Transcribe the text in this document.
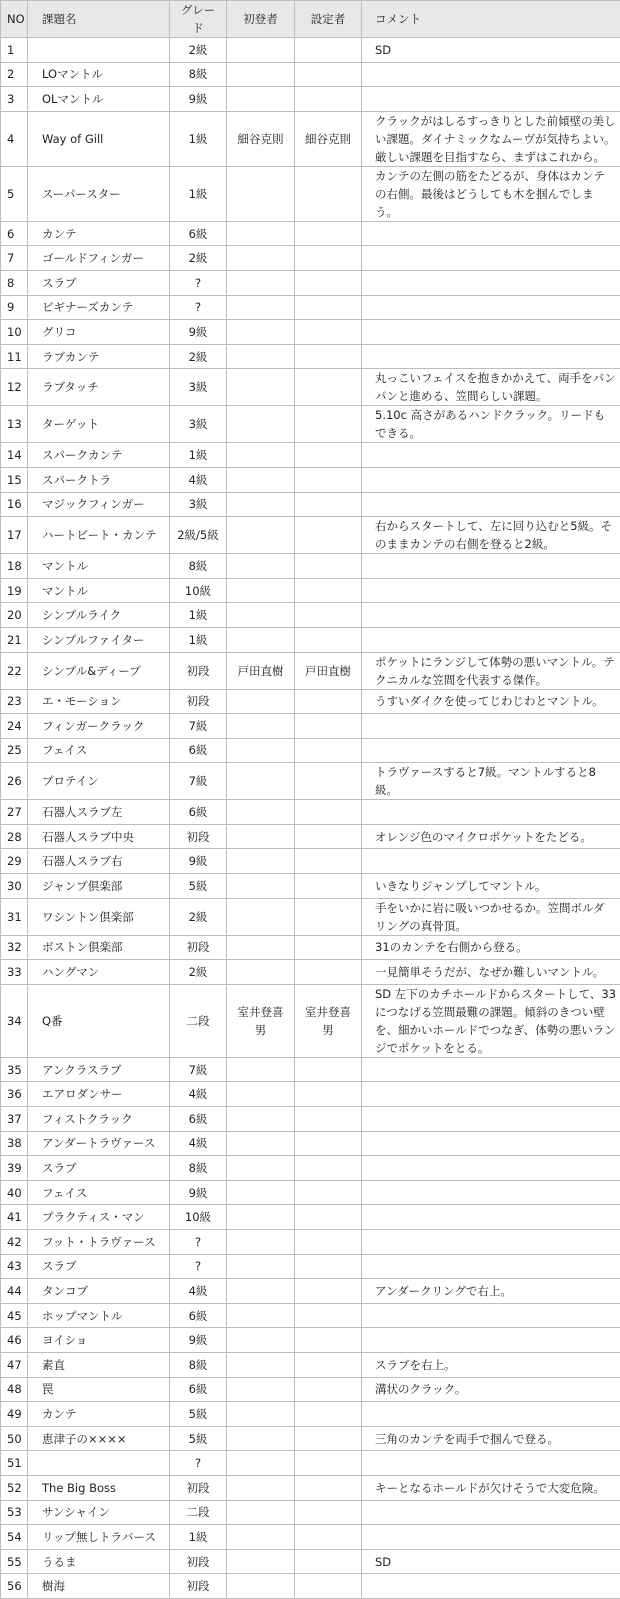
NO	課題名	グレード	初登者	設定者	コメント
1		2級			SD
2	LOマントル	8級			
3	OLマントル	9級			
4	Way of Gill	1級	細谷克則	細谷克則	クラックがはしるすっきりとした前傾壁の美しい課題。ダイナミックなムーヴが気持ちよい。厳しい課題を目指すなら、まずはこれから。
5	スーパースター	1級			カンテの左側の筋をたどるが、身体はカンテの右側。最後はどうしても木を掴んでしまう。
6	カンテ	6級			
7	ゴールドフィンガー	2級			
8	スラブ	?			
9	ビギナーズカンテ	?			
10	グリコ	9級			
11	ラブカンテ	2級			
12	ラブタッチ	3級			丸っこいフェイスを抱きかかえて、両手をパンパンと進める、笠間らしい課題。
13	ターゲット	3級			5.10c 高さがあるハンドクラック。リードもできる。
14	スパークカンテ	1級			
15	スパークトラ	4級			
16	マジックフィンガー	3級			
17	ハートビート・カンテ	2級/5級			右からスタートして、左に回り込むと5級。そのままカンテの右側を登ると2級。
18	マントル	8級			
19	マントル	10級			
20	シンプルライク	1級			
21	シンプルファイター	1級			
22	シンプル&ディープ	初段	戸田直樹	戸田直樹	ポケットにランジして体勢の悪いマントル。テクニカルな笠間を代表する傑作。
23	エ・モーション	初段			うすいダイクを使ってじわじわとマントル。
24	フィンガークラック	7級			
25	フェイス	6級			
26	プロテイン	7級			トラヴァースすると7級。マントルすると8級。
27	石器人スラブ左	6級			
28	石器人スラブ中央	初段			オレンジ色のマイクロポケットをたどる。
29	石器人スラブ右	9級			
30	ジャンプ倶楽部	5級			いきなりジャンプしてマントル。
31	ワシントン倶楽部	2級			手をいかに岩に吸いつかせるか。笠間ボルダリングの真骨頂。
32	ボストン倶楽部	初段			31のカンテを右側から登る。
33	ハングマン	2級			一見簡単そうだが、なぜか難しいマントル。
34	Q番	二段	室井登喜男	室井登喜男	SD 左下のカチホールドからスタートして、33につなげる笠間最難の課題。傾斜のきつい壁を、細かいホールドでつなぎ、体勢の悪いランジでポケットをとる。
35	アンクラスラブ	7級			
36	エアロダンサー	4級			
37	フィストクラック	6級			
38	アンダートラヴァース	4級			
39	スラブ	8級			
40	フェイス	9級			
41	プラクティス・マン	10級			
42	フット・トラヴァース	?			
43	スラブ	?			
44	タンコブ	4級			アンダークリングで右上。
45	ホップマントル	6級			
46	ヨイショ	9級			
47	素直	8級			スラブを右上。
48	罠	6級			溝状のクラック。
49	カンテ	5級			
50	恵津子の××××	5級			三角のカンテを両手で掴んで登る。
51		?			
52	The Big Boss	初段			キーとなるホールドが欠けそうで大変危険。
53	サンシャイン	二段			
54	リップ無しトラバース	1級			
55	うるま	初段			SD
56	樹海	初段			
